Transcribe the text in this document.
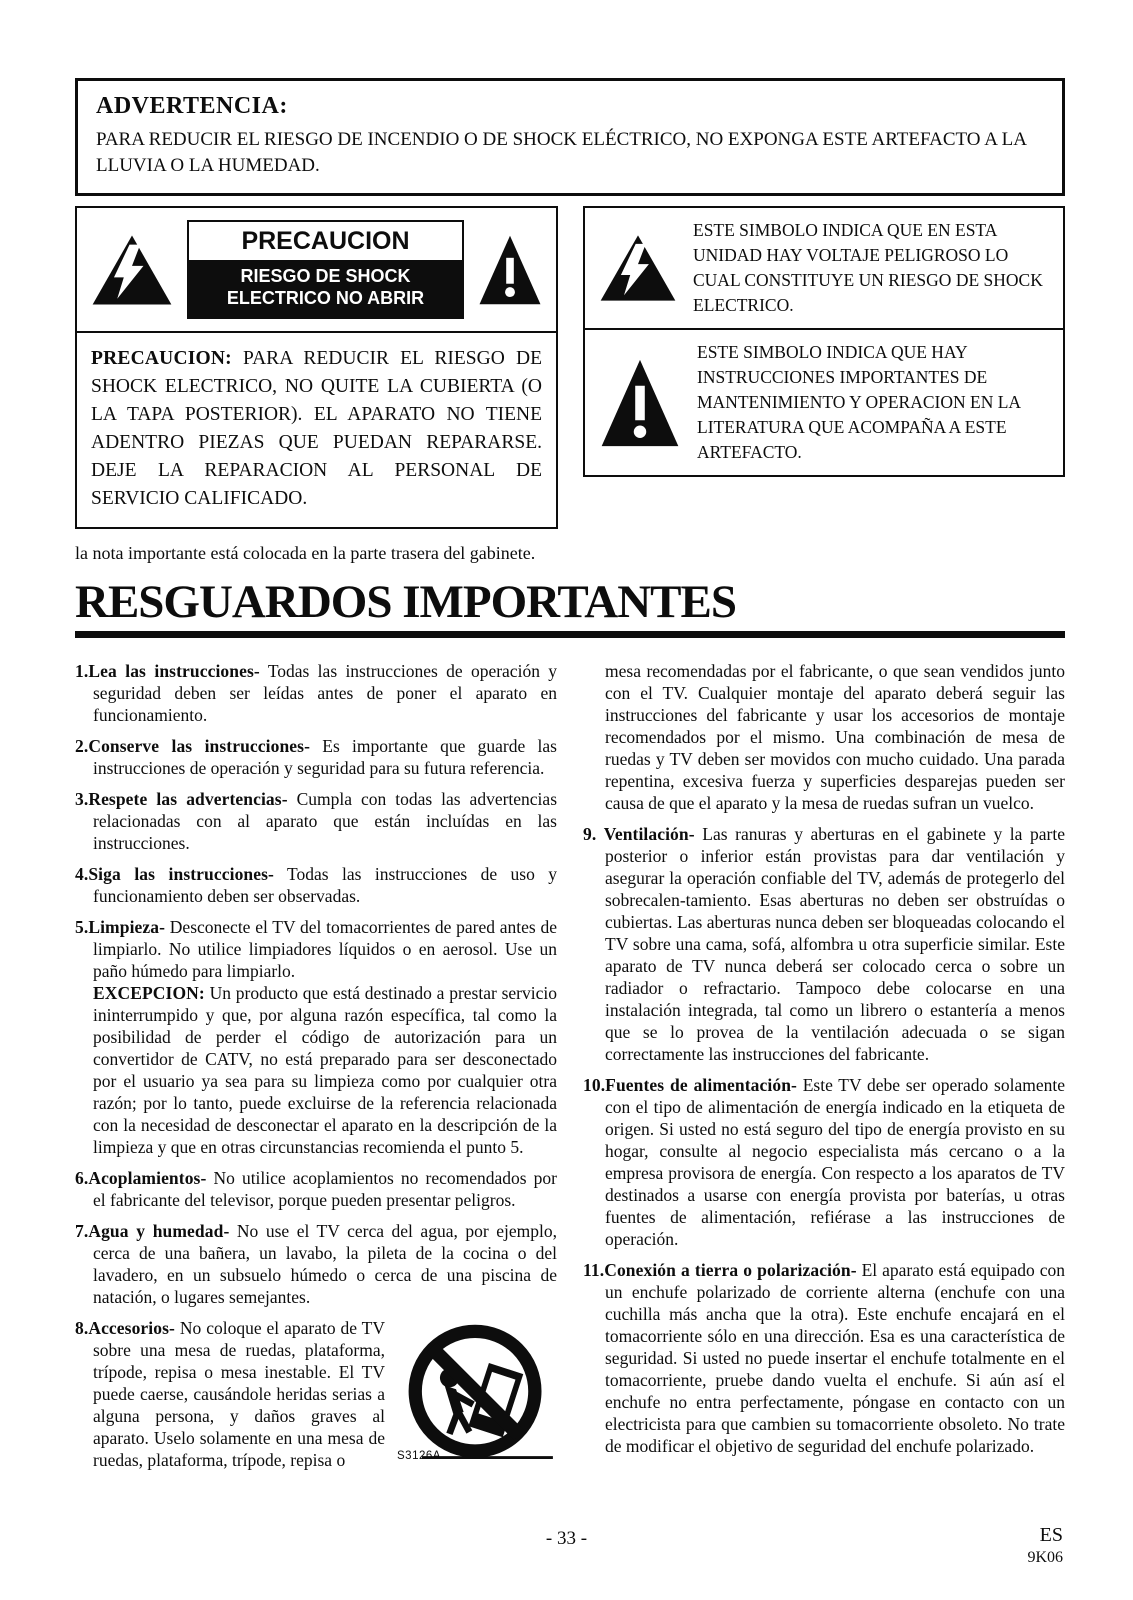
ADVERTENCIA:
PARA REDUCIR EL RIESGO DE INCENDIO O DE SHOCK ELÉCTRICO, NO EXPONGA ESTE ARTEFACTO A LA LLUVIA O LA HUMEDAD.
PRECAUCION
RIESGO DE SHOCK
ELECTRICO NO ABRIR
PRECAUCION: PARA REDUCIR EL RIESGO DE SHOCK ELECTRICO, NO QUITE LA CUBIERTA (O LA TAPA POSTERIOR). EL APARATO NO TIENE ADENTRO PIEZAS QUE PUEDAN REPARARSE. DEJE LA REPARACION AL PERSONAL DE SERVICIO CALIFICADO.
ESTE SIMBOLO INDICA QUE EN ESTA UNIDAD HAY VOLTAJE PELIGROSO LO CUAL CONSTITUYE UN RIESGO DE SHOCK ELECTRICO.
ESTE SIMBOLO INDICA QUE HAY INSTRUCCIONES IMPORTANTES DE MANTENIMIENTO Y OPERACION EN LA LITERATURA QUE ACOMPAÑA A ESTE ARTEFACTO.
la nota importante está colocada en la parte trasera del gabinete.
RESGUARDOS IMPORTANTES

1.Lea las instrucciones- Todas las instrucciones de operación y seguridad deben ser leídas antes de poner el aparato en funcionamiento.

2.Conserve las instrucciones- Es importante que guarde las instrucciones de operación y seguridad para su futura referencia.

3.Respete las advertencias- Cumpla con todas las advertencias relacionadas con al aparato que están incluídas en las instrucciones.

4.Siga las instrucciones- Todas las instrucciones de uso y funcionamiento deben ser observadas.

5.Limpieza- Desconecte el TV del tomacorrientes de pared antes de limpiarlo. No utilice limpiadores líquidos o en aerosol. Use un paño húmedo para limpiarlo.
EXCEPCION: Un producto que está destinado a prestar servicio ininterrumpido y que, por alguna razón específica, tal como la posibilidad de perder el código de autorización para un convertidor de CATV, no está preparado para ser desconectado por el usuario ya sea para su limpieza como por cualquier otra razón; por lo tanto, puede excluirse de la referencia relacionada con la necesidad de desconectar el aparato en la descripción de la limpieza y que en otras circunstancias recomienda el punto 5.

6.Acoplamientos- No utilice acoplamientos no recomendados por el fabricante del televisor, porque pueden presentar peligros.

7.Agua y humedad- No use el TV cerca del agua, por ejemplo, cerca de una bañera, un lavabo, la pileta de la cocina o del lavadero, en un subsuelo húmedo o cerca de una piscina de natación, o lugares semejantes.

S3126A
8.Accesorios- No coloque el aparato de TV sobre una mesa de ruedas, plataforma, trípode, repisa o mesa inestable. El TV puede caerse, causándole heridas serias a alguna persona, y daños graves al aparato. Uselo solamente en una mesa de ruedas, plataforma, trípode, repisa o

mesa recomendadas por el fabricante, o que sean vendidos junto con el TV. Cualquier montaje del aparato deberá seguir las instrucciones del fabricante y usar los accesorios de montaje recomendados por el mismo. Una combinación de mesa de ruedas y TV deben ser movidos con mucho cuidado. Una parada repentina, excesiva fuerza y superficies desparejas pueden ser causa de que el aparato y la mesa de ruedas sufran un vuelco.

9. Ventilación- Las ranuras y aberturas en el gabinete y la parte posterior o inferior están provistas para dar ventilación y asegurar la operación confiable del TV, además de protegerlo del sobrecalen-tamiento. Esas aberturas no deben ser obstruídas o cubiertas. Las aberturas nunca deben ser bloqueadas colocando el TV sobre una cama, sofá, alfombra u otra superficie similar. Este aparato de TV nunca deberá ser colocado cerca o sobre un radiador o refractario. Tampoco debe colocarse en una instalación integrada, tal como un librero o estantería a menos que se lo provea de la ventilación adecuada o se sigan correctamente las instrucciones del fabricante.

10.Fuentes de alimentación- Este TV debe ser operado solamente con el tipo de alimentación de energía indicado en la etiqueta de origen. Si usted no está seguro del tipo de energía provisto en su hogar, consulte al negocio especialista más cercano o a la empresa provisora de energía. Con respecto a los aparatos de TV destinados a usarse con energía provista por baterías, u otras fuentes de alimentación, refiérase a las instrucciones de operación.

11.Conexión a tierra o polarización- El aparato está equipado con un enchufe polarizado de corriente alterna (enchufe con una cuchilla más ancha que la otra). Este enchufe encajará en el tomacorriente sólo en una dirección. Esa es una característica de seguridad. Si usted no puede insertar el enchufe totalmente en el tomacorriente, pruebe dando vuelta el enchufe. Si aún así el enchufe no entra perfectamente, póngase en contacto con un electricista para que cambien su tomacorriente obsoleto. No trate de modificar el objetivo de seguridad del enchufe polarizado.

- 33 -	ES
9K06
